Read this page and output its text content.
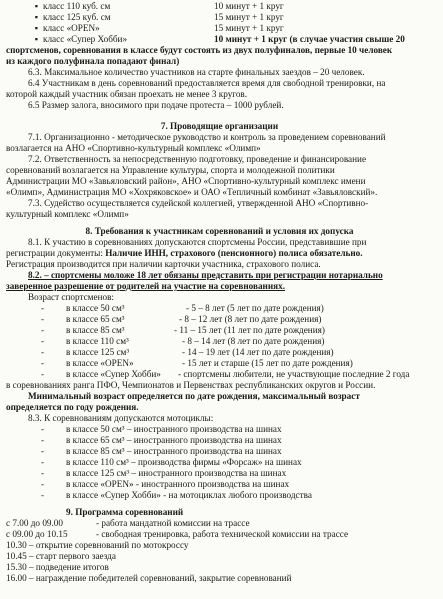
▪ класс 110 куб. см	10 минут + 1 круг
▪ класс 125 куб. см	15 минут + 1 круг
▪ класс «OPEN»	15 минут + 1 круг
▪ класс «Супер Хобби»	10 минут + 1 круг (в случае участия свыше 20

спортсменов, соревнования в классе будут состоять из двух полуфиналов, первые 10 человек

из каждого полуфинала попадают финал)

6.3. Максимальное количество участников на старте финальных заездов – 20 человек.

6.4 Участникам в день соревнований предоставляется время для свободной тренировки, на

которой каждый участник обязан проехать не менее 3 кругов.

6.5 Размер залога, вносимого при подаче протеста – 1000 рублей.

7. Проводящие организации

7.1. Организационно - методическое руководство и контроль за проведением соревнований

возлагается на АНО «Спортивно-культурный комплекс «Олимп»

7.2. Ответственность за непосредственную подготовку, проведение и финансирование

соревнований возлагается на Управление культуры, спорта и молодежной политики

Администрации МО «Завьяловский район», АНО «Спортивно-культурный комплекс имени

«Олимп», Администрация МО «Хохряковское» и ОАО «Тепличный комбинат «Завьяловский».

7.3. Судейство осуществляется судейской коллегией, утвержденной АНО «Спортивно-

культурный комплекс «Олимп»

8. Требования к участникам соревнований и условия их допуска

8.1. К участию в соревнованиях допускаются спортсмены России, представившие при

регистрации документы: Наличие ИНН, страхового (пенсионного) полиса обязательно.

Регистрация производится при наличии карточки участника, страхового полиса.

8.2. – спортсмены моложе 18 лет обязаны представить при регистрации нотариально

заверенное разрешение от родителей на участие на соревнованиях.

Возраст спортсменов:

-	в классе 50 см³	- 5 – 8 лет (5 лет по дате рождения)
-	в классе 65 см³	- 8 – 12 лет (8 лет по дате рождения)
-	в классе 85 см³	- 11 – 15 лет (11 лет по дате рождения)
-	в классе 110 см³	- 8 – 14 лет (8 лет по дате рождения)
-	в классе 125 см³	- 14 – 19 лет (14 лет по дате рождения)
-	в классе «OPEN»	- 15 лет и старше (15 лет по дате рождения)
-	в классе «Супер Хобби» - спортсмены любители, не участвующие последние 2 года

в соревнованиях ранга ПФО, Чемпионатов и Первенствах республиканских округов и России.

Минимальный возраст определяется по дате рождения, максимальный возраст

определяется по году рождения.

8.3. К соревнованиям допускаются мотоциклы:

-	в классе 50 см³ – иностранного производства на шинах
-	в классе 65 см³ – иностранного производства на шинах
-	в классе 85 см³ – иностранного производства на шинах
-	в классе 110 см³ – производства фирмы «Форсаж» на шинах
-	в классе 125 см³ – иностранного производства на шинах
-	в классе «OPEN» - иностранного производства на шинах
-	в классе «Супер Хобби» - на мотоциклах любого производства

9. Программа соревнований

с 7.00 до 09.00	- работа мандатной комиссии на трассе
с 09.00 до 10.15	- свободная тренировка, работа технической комиссии на трассе
10.30 – открытие соревнований по мотокроссу
10.45 – старт первого заезда
15.30 – подведение итогов
16.00 – награждение победителей соревнований, закрытие соревнований
